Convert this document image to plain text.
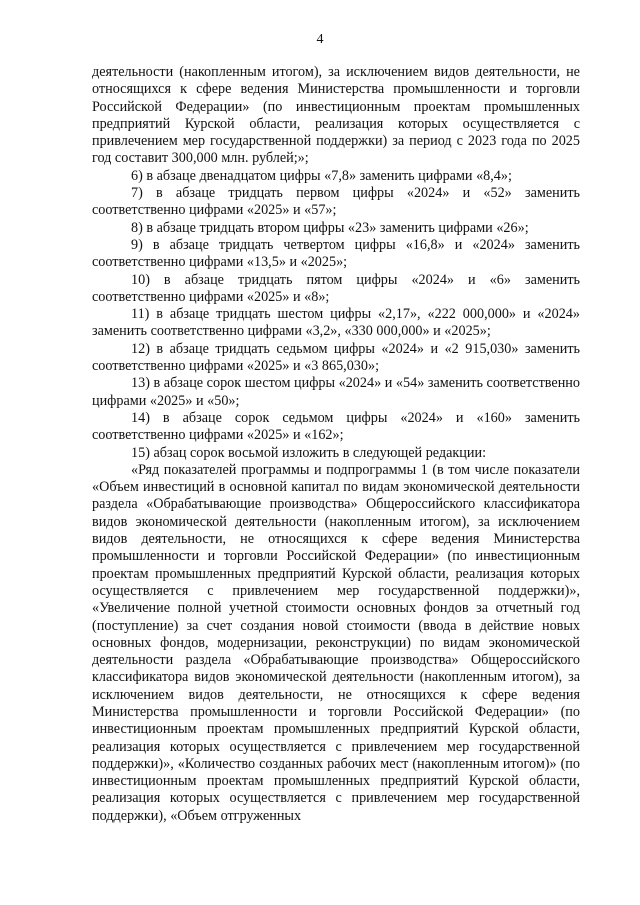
4

деятельности (накопленным итогом), за исключением видов деятельности, не относящихся к сфере ведения Министерства промышленности и торговли Российской Федерации» (по инвестиционным проектам промышленных предприятий Курской области, реализация которых осуществляется с привлечением мер государственной поддержки) за период с 2023 года по 2025 год составит 300,000 млн. рублей;»;

6) в абзаце двенадцатом цифры «7,8» заменить цифрами «8,4»;

7) в абзаце тридцать первом цифры «2024» и «52» заменить соответственно цифрами «2025» и «57»;

8) в абзаце тридцать втором цифры «23» заменить цифрами «26»;

9) в абзаце тридцать четвертом цифры «16,8» и «2024» заменить соответственно цифрами «13,5» и «2025»;

10) в абзаце тридцать пятом цифры «2024» и «6» заменить соответственно цифрами «2025» и «8»;

11) в абзаце тридцать шестом цифры «2,17», «222 000,000» и «2024» заменить соответственно цифрами «3,2», «330 000,000» и «2025»;

12) в абзаце тридцать седьмом цифры «2024» и «2 915,030» заменить соответственно цифрами «2025» и «3 865,030»;

13) в абзаце сорок шестом цифры «2024» и «54» заменить соответственно цифрами «2025» и «50»;

14) в абзаце сорок седьмом цифры «2024» и «160» заменить соответственно цифрами «2025» и «162»;

15) абзац сорок восьмой изложить в следующей редакции:

«Ряд показателей программы и подпрограммы 1 (в том числе показатели «Объем инвестиций в основной капитал по видам экономической деятельности раздела «Обрабатывающие производства» Общероссийского классификатора видов экономической деятельности (накопленным итогом), за исключением видов деятельности, не относящихся к сфере ведения Министерства промышленности и торговли Российской Федерации» (по инвестиционным проектам промышленных предприятий Курской области, реализация которых осуществляется с привлечением мер государственной поддержки)», «Увеличение полной учетной стоимости основных фондов за отчетный год (поступление) за счет создания новой стоимости (ввода в действие новых основных фондов, модернизации, реконструкции) по видам экономической деятельности раздела «Обрабатывающие производства» Общероссийского классификатора видов экономической деятельности (накопленным итогом), за исключением видов деятельности, не относящихся к сфере ведения Министерства промышленности и торговли Российской Федерации» (по инвестиционным проектам промышленных предприятий Курской области, реализация которых осуществляется с привлечением мер государственной поддержки)», «Количество созданных рабочих мест (накопленным итогом)» (по инвестиционным проектам промышленных предприятий Курской области, реализация которых осуществляется с привлечением мер государственной поддержки), «Объем отгруженных
